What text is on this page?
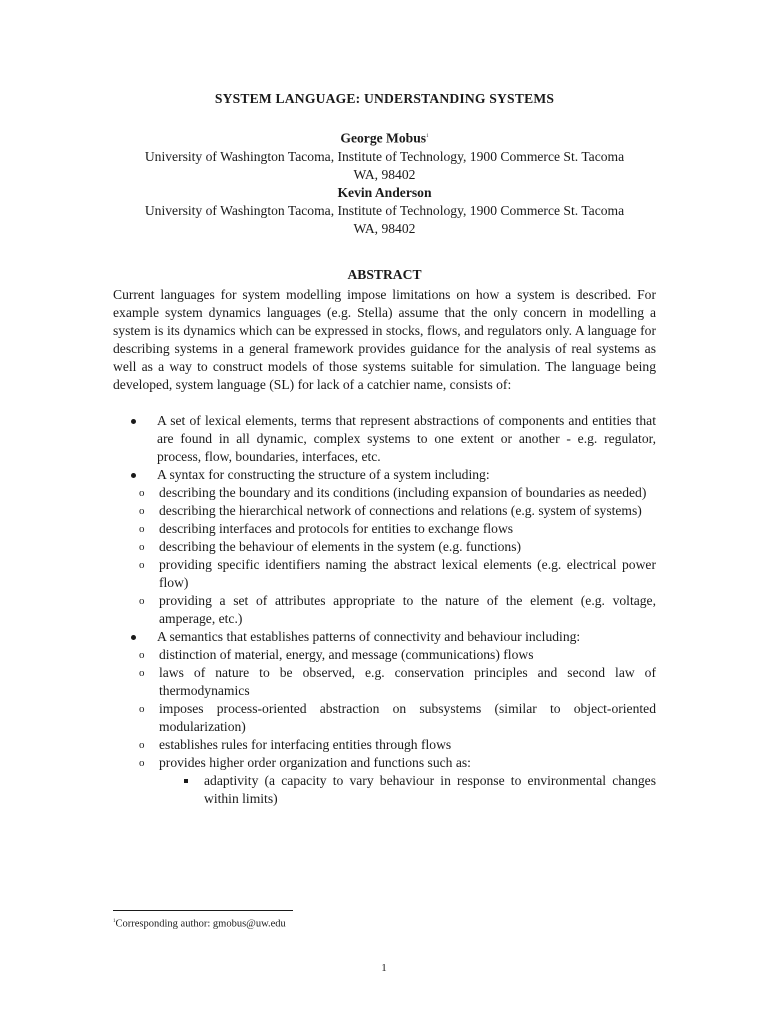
SYSTEM LANGUAGE: UNDERSTANDING SYSTEMS

George Mobus$^1$

University of Washington Tacoma, Institute of Technology, 1900 Commerce St. Tacoma

WA, 98402

Kevin Anderson

University of Washington Tacoma, Institute of Technology, 1900 Commerce St. Tacoma

WA, 98402

ABSTRACT

Current languages for system modelling impose limitations on how a system is described. For example system dynamics languages (e.g. Stella) assume that the only concern in modelling a system is its dynamics which can be expressed in stocks, flows, and regulators only. A language for describing systems in a general framework provides guidance for the analysis of real systems as well as a way to construct models of those systems suitable for simulation. The language being developed, system language (SL) for lack of a catchier name, consists of:

A set of lexical elements, terms that represent abstractions of components and entities that are found in all dynamic, complex systems to one extent or another - e.g. regulator, process, flow, boundaries, interfaces, etc.
A syntax for constructing the structure of a system including:
o describing the boundary and its conditions (including expansion of boundaries as needed)
o describing the hierarchical network of connections and relations (e.g. system of systems)
o describing interfaces and protocols for entities to exchange flows
o describing the behaviour of elements in the system (e.g. functions)
o providing specific identifiers naming the abstract lexical elements (e.g. electrical power flow)
o providing a set of attributes appropriate to the nature of the element (e.g. voltage, amperage, etc.)
A semantics that establishes patterns of connectivity and behaviour including:
o distinction of material, energy, and message (communications) flows
o laws of nature to be observed, e.g. conservation principles and second law of thermodynamics
o imposes process-oriented abstraction on subsystems (similar to object-oriented modularization)
o establishes rules for interfacing entities through flows
o provides higher order organization and functions such as:
adaptivity (a capacity to vary behaviour in response to environmental changes within limits)
$^1$Corresponding author: gmobus@uw.edu
1
